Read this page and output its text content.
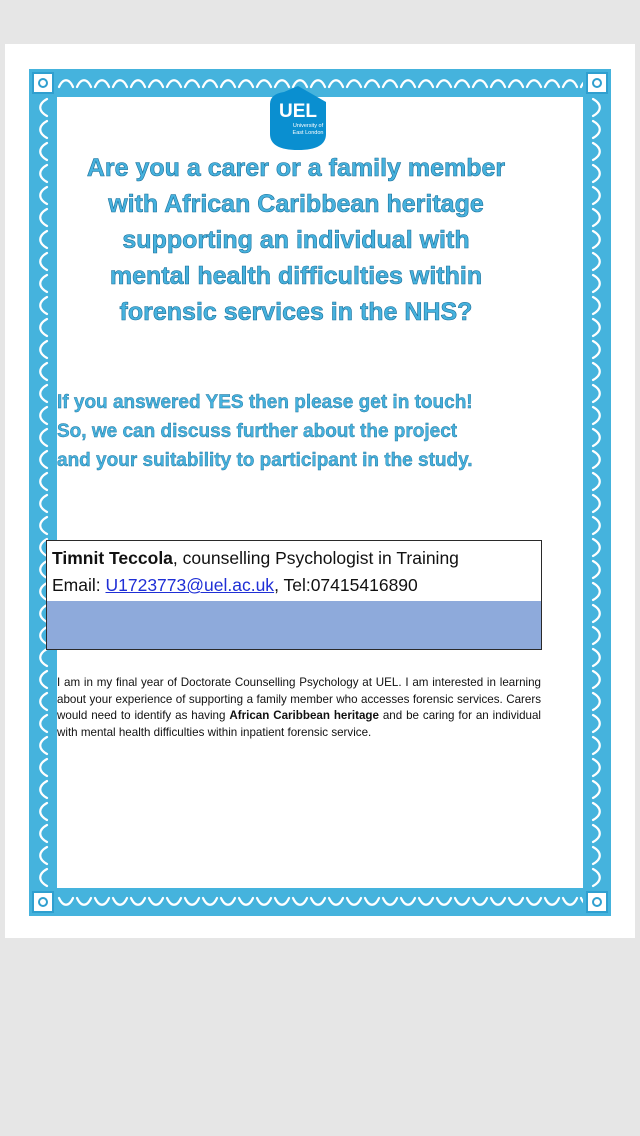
UEL
University of
East London

Are you a carer or a family member

with African Caribbean heritage

supporting an individual with

mental health difficulties within

forensic services in the NHS?

If you answered YES then please get in touch!

So, we can discuss further about the project

and your suitability to participant in the study.

Timnit Teccola, counselling Psychologist in Training
Email: U1723773@uel.ac.uk, Tel:07415416890
I am in my final year of Doctorate Counselling Psychology at UEL. I am interested in learning about your experience of supporting a family member who accesses forensic services. Carers would need to identify as having African Caribbean heritage and be caring for an individual with mental health difficulties within inpatient forensic service.
